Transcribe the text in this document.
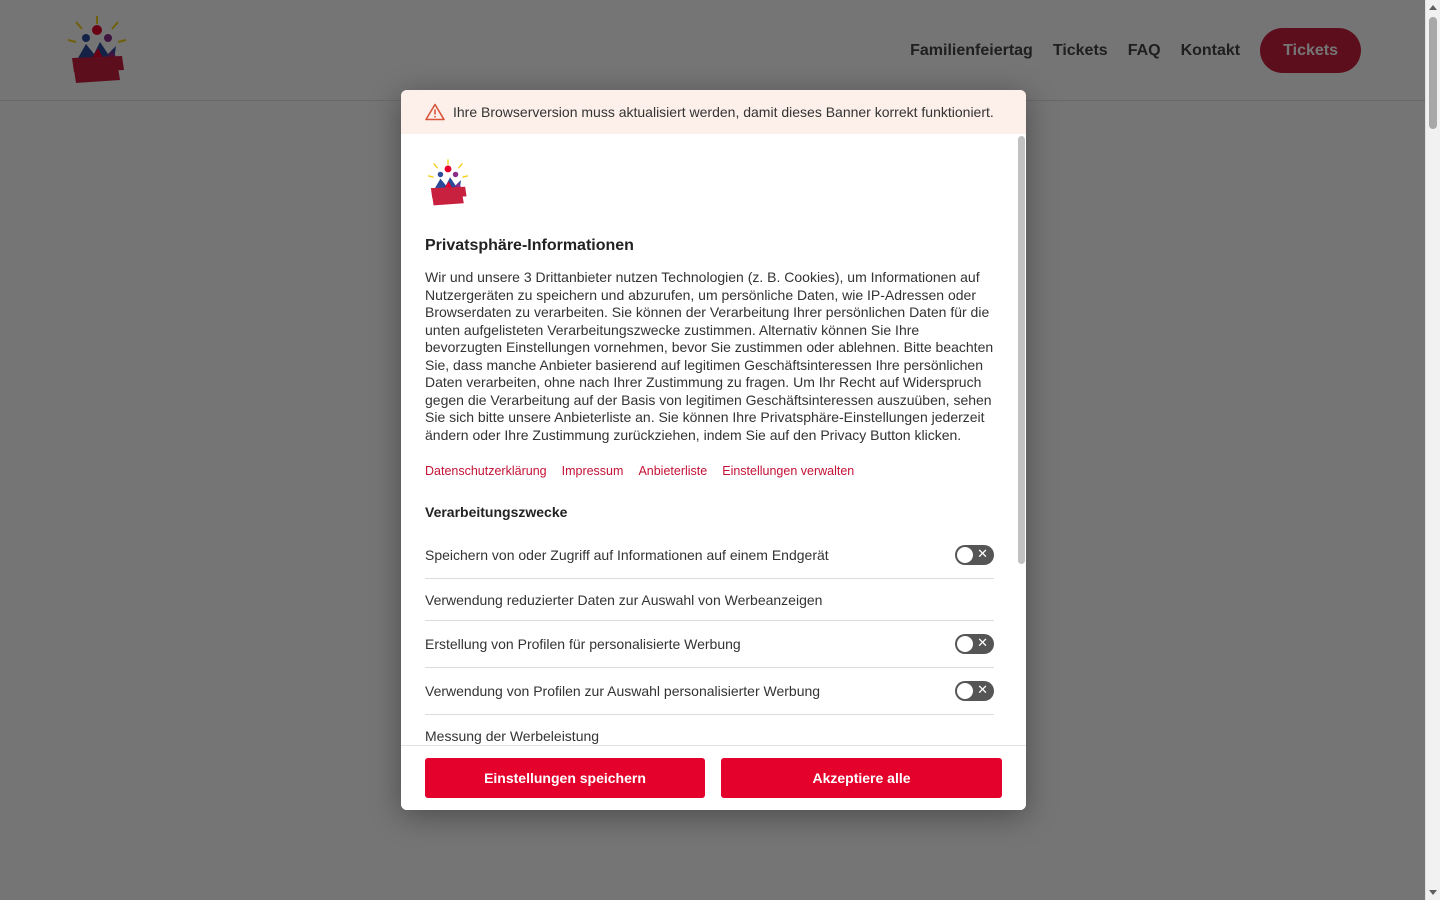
Ihre Browserversion muss aktualisiert werden, damit dieses Banner korrekt funktioniert.
Privatsphäre-Informationen

Wir und unsere 3 Drittanbieter nutzen Technologien (z. B. Cookies), um Informationen auf Nutzergeräten zu speichern und abzurufen, um persönliche Daten, wie IP-Adressen oder Browserdaten zu verarbeiten. Sie können der Verarbeitung Ihrer persönlichen Daten für die unten aufgelisteten Verarbeitungszwecke zustimmen. Alternativ können Sie Ihre bevorzugten Einstellungen vornehmen, bevor Sie zustimmen oder ablehnen. Bitte beachten Sie, dass manche Anbieter basierend auf legitimen Geschäftsinteressen Ihre persönlichen Daten verarbeiten, ohne nach Ihrer Zustimmung zu fragen. Um Ihr Recht auf Widerspruch gegen die Verarbeitung auf der Basis von legitimen Geschäftsinteressen auszuüben, sehen Sie sich bitte unsere Anbieterliste an. Sie können Ihre Privatsphäre-Einstellungen jederzeit ändern oder Ihre Zustimmung zurückziehen, indem Sie auf den Privacy Button klicken.

Datenschutzerklärung Impressum Anbieterliste Einstellungen verwalten
Verarbeitungszwecke
Speichern von oder Zugriff auf Informationen auf einem Endgerät	✕
Verwendung reduzierter Daten zur Auswahl von Werbeanzeigen
Erstellung von Profilen für personalisierte Werbung	✕
Verwendung von Profilen zur Auswahl personalisierter Werbung	✕
Messung der Werbeleistung
Einstellungen speichern	Akzeptiere alle
